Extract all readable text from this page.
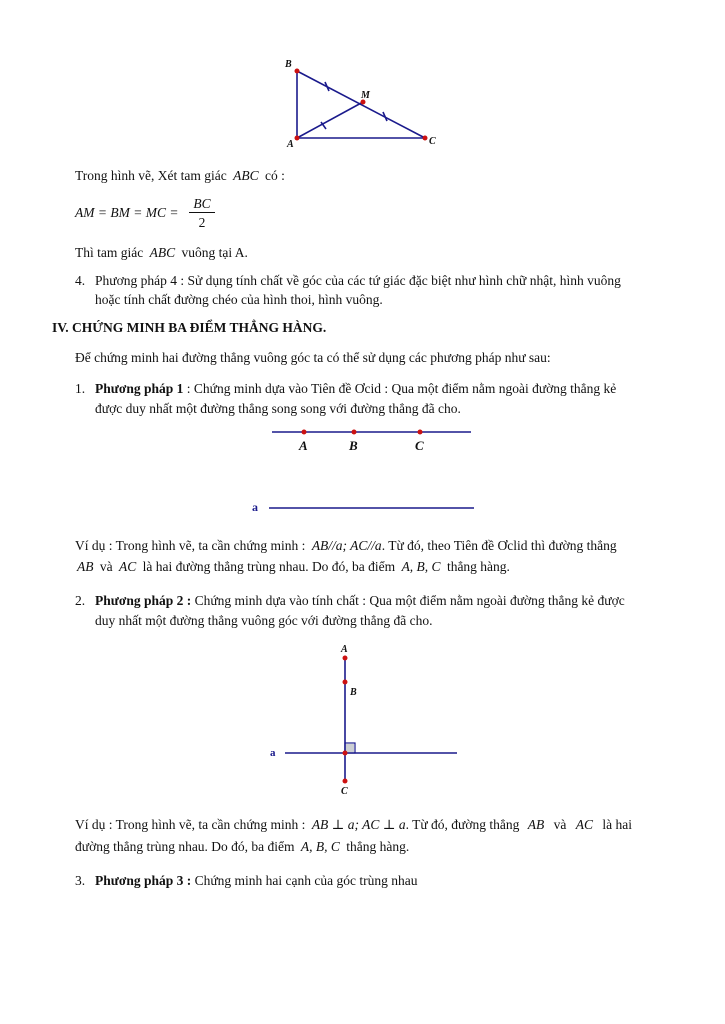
B
M
A	C
Trong hình vẽ, Xét tam giác ABC có :
AM = BM = MC = $\frac{BC}{2}$
Thì tam giác ABC vuông tại A.
4. Phương pháp 4 : Sử dụng tính chất về góc của các tứ giác đặc biệt như hình chữ nhật, hình vuông
hoặc tính chất đường chéo của hình thoi, hình vuông.
IV. CHỨNG MINH BA ĐIỂM THẲNG HÀNG.
Để chứng minh hai đường thẳng vuông góc ta có thể sử dụng các phương pháp như sau:
1. Phương pháp 1 : Chứng minh dựa vào Tiên đề Ơcid : Qua một điểm nằm ngoài đường thẳng kẻ
được duy nhất một đường thẳng song song với đường thẳng đã cho.
A	B	C
a
Ví dụ : Trong hình vẽ, ta cần chứng minh : AB//a; AC//a. Từ đó, theo Tiên đề Ơclid thì đường thẳng
AB và AC là hai đường thẳng trùng nhau. Do đó, ba điểm A, B, C thẳng hàng.
2. Phương pháp 2 : Chứng minh dựa vào tính chất : Qua một điểm nằm ngoài đường thẳng kẻ được
duy nhất một đường thẳng vuông góc với đường thẳng đã cho.
A
B
C
a
Ví dụ : Trong hình vẽ, ta cần chứng minh : AB ⊥ a; AC ⊥ a. Từ đó, đường thẳng AB và AC là hai
đường thẳng trùng nhau. Do đó, ba điểm A, B, C thẳng hàng.
3. Phương pháp 3 : Chứng minh hai cạnh của góc trùng nhau
